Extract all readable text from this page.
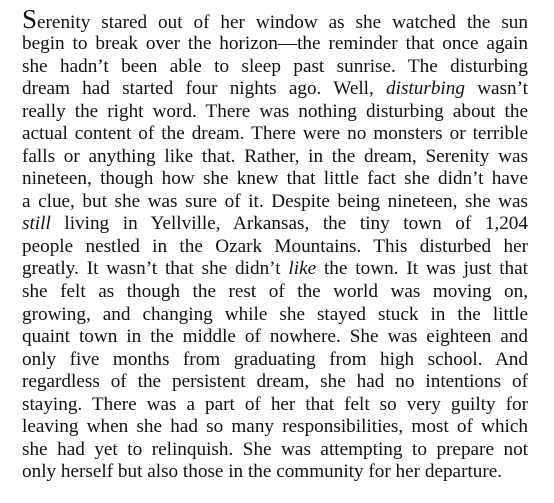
Serenity stared out of her window as she watched the sun
begin to break over the horizon—the reminder that once again
she hadn’t been able to sleep past sunrise. The disturbing
dream had started four nights ago. Well, disturbing wasn’t
really the right word. There was nothing disturbing about the
actual content of the dream. There were no monsters or terrible
falls or anything like that. Rather, in the dream, Serenity was
nineteen, though how she knew that little fact she didn’t have
a clue, but she was sure of it. Despite being nineteen, she was
still living in Yellville, Arkansas, the tiny town of 1,204
people nestled in the Ozark Mountains. This disturbed her
greatly. It wasn’t that she didn’t like the town. It was just that
she felt as though the rest of the world was moving on,
growing, and changing while she stayed stuck in the little
quaint town in the middle of nowhere. She was eighteen and
only five months from graduating from high school. And
regardless of the persistent dream, she had no intentions of
staying. There was a part of her that felt so very guilty for
leaving when she had so many responsibilities, most of which
she had yet to relinquish. She was attempting to prepare not
only herself but also those in the community for her departure.
